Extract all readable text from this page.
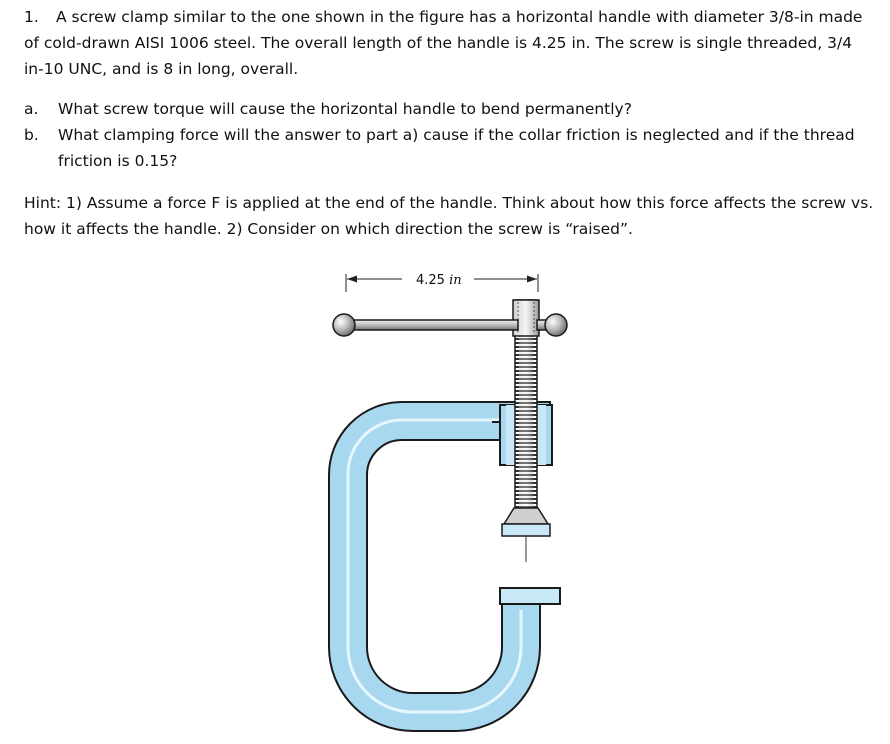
1. A screw clamp similar to the one shown in the figure has a horizontal handle with diameter 3/8-in made of cold-drawn AISI 1006 steel. The overall length of the handle is 4.25 in. The screw is single threaded, 3/4 in-10 UNC, and is 8 in long, overall.
a. What screw torque will cause the horizontal handle to bend permanently?
b. What clamping force will the answer to part a) cause if the collar friction is neglected and if the thread friction is 0.15?
Hint: 1) Assume a force F is applied at the end of the handle. Think about how this force affects the screw vs. how it affects the handle. 2) Consider on which direction the screw is “raised”.
4.25 in
